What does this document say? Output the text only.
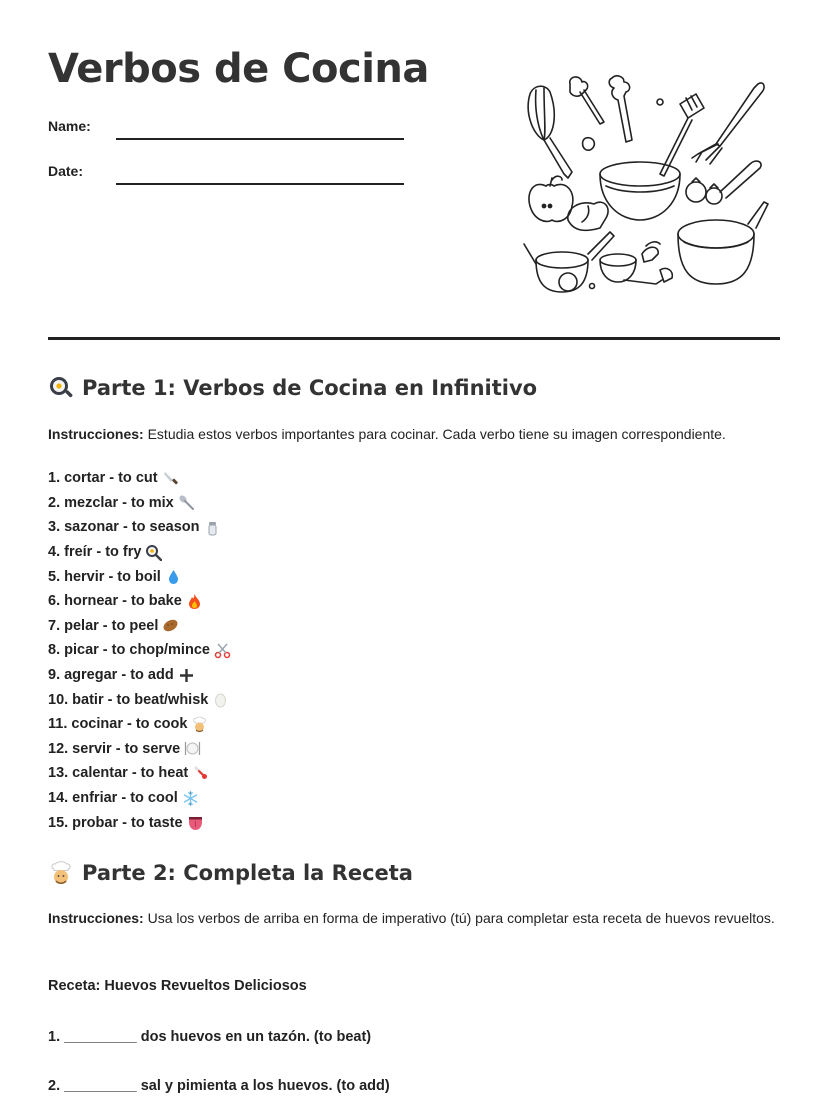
Verbos de Cocina
Name:
Date:
Parte 1: Verbos de Cocina en Infinitivo
Instrucciones: Estudia estos verbos importantes para cocinar. Cada verbo tiene su imagen correspondiente.
1. cortar - to cut
2. mezclar - to mix
3. sazonar - to season
4. freír - to fry
5. hervir - to boil
6. hornear - to bake
7. pelar - to peel
8. picar - to chop/mince
9. agregar - to add
10. batir - to beat/whisk
11. cocinar - to cook
12. servir - to serve
13. calentar - to heat
14. enfriar - to cool
15. probar - to taste
Parte 2: Completa la Receta
Instrucciones: Usa los verbos de arriba en forma de imperativo (tú) para completar esta receta de huevos revueltos.
Receta: Huevos Revueltos Deliciosos
1. _________ dos huevos en un tazón. (to beat)
2. _________ sal y pimienta a los huevos. (to add)
